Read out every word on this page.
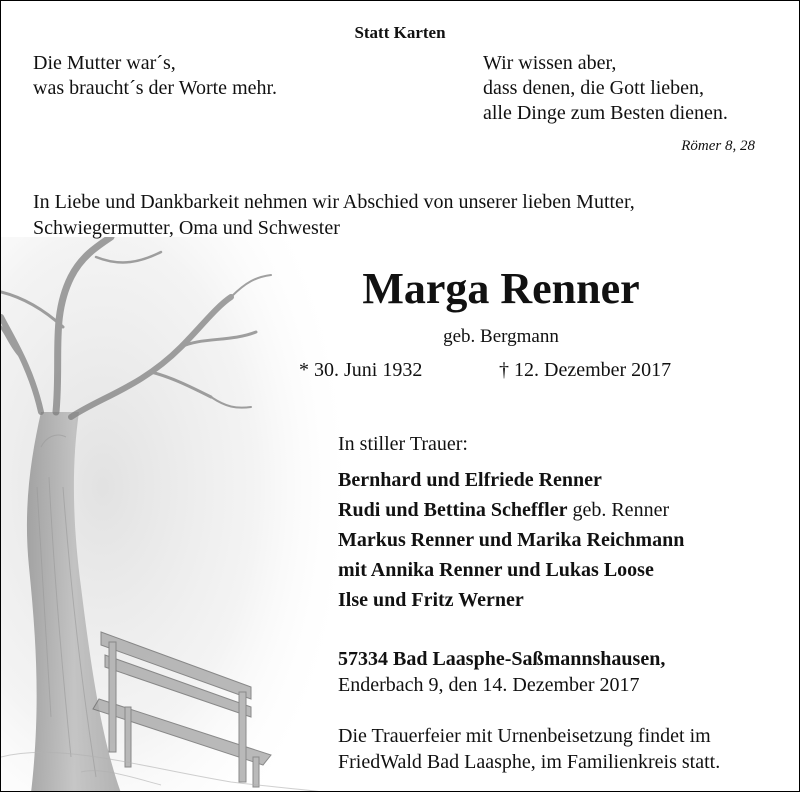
Statt Karten
Die Mutter war´s,
was braucht´s der Worte mehr.
Wir wissen aber,
dass denen, die Gott lieben,
alle Dinge zum Besten dienen.
Römer 8, 28
In Liebe und Dankbarkeit nehmen wir Abschied von unserer lieben Mutter,
Schwiegermutter, Oma und Schwester
Marga Renner
geb. Bergmann
* 30. Juni 1932	† 12. Dezember 2017
In stiller Trauer:
Bernhard und Elfriede Renner
Rudi und Bettina Scheffler geb. Renner
Markus Renner und Marika Reichmann
mit Annika Renner und Lukas Loose
Ilse und Fritz Werner
57334 Bad Laasphe-Saßmannshausen,
Enderbach 9, den 14. Dezember 2017
Die Trauerfeier mit Urnenbeisetzung findet im
FriedWald Bad Laasphe, im Familienkreis statt.
